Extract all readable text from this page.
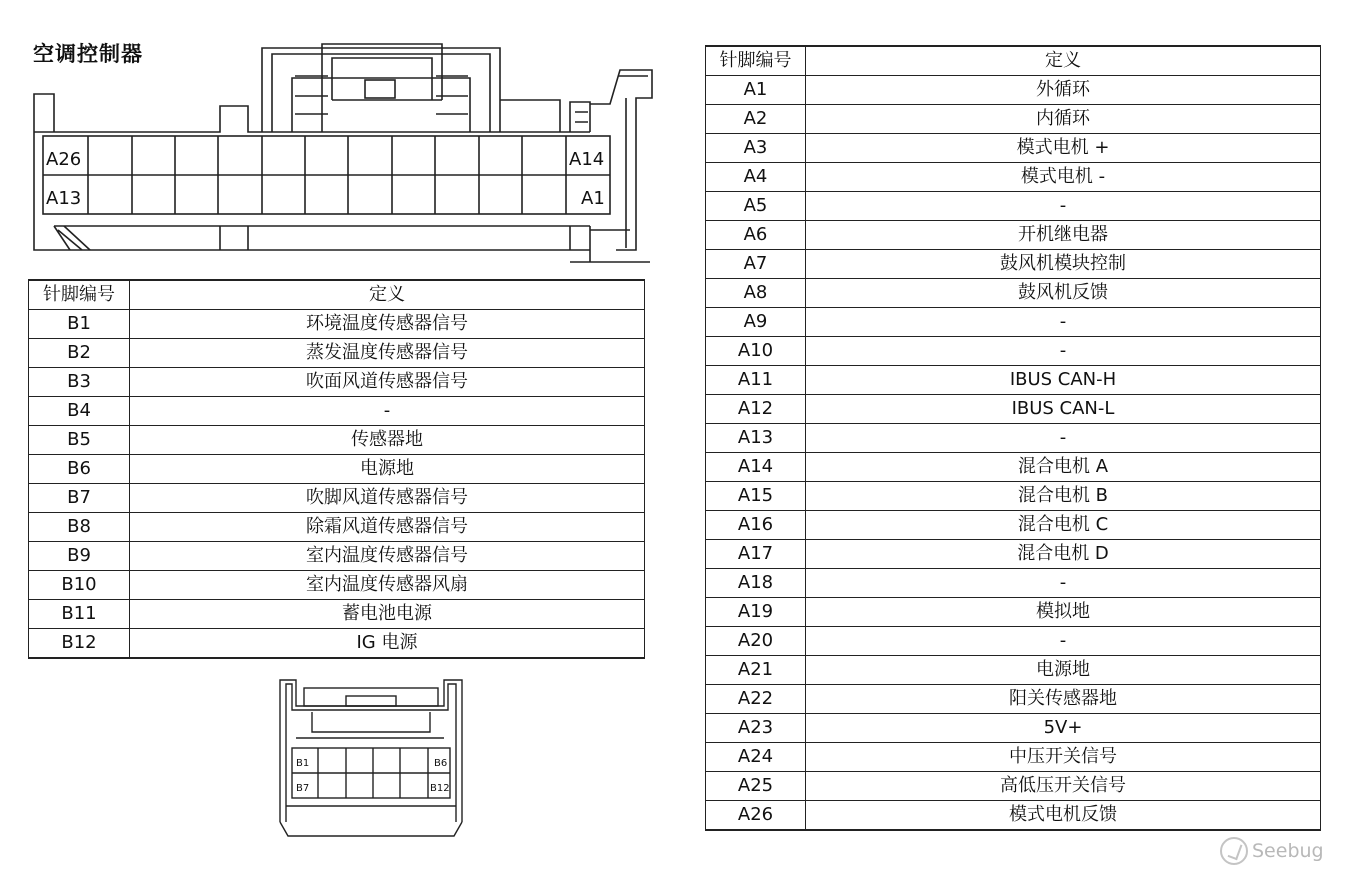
空调控制器
A26	A14
A13	A1
针脚编号	定义
B1	环境温度传感器信号
B2	蒸发温度传感器信号
B3	吹面风道传感器信号
B4	-
B5	传感器地
B6	电源地
B7	吹脚风道传感器信号
B8	除霜风道传感器信号
B9	室内温度传感器信号
B10	室内温度传感器风扇
B11	蓄电池电源
B12	IG 电源
B1	B6
B7	B12
针脚编号	定义
A1	外循环
A2	内循环
A3	模式电机 +
A4	模式电机 -
A5	-
A6	开机继电器
A7	鼓风机模块控制
A8	鼓风机反馈
A9	-
A10	-
A11	IBUS CAN-H
A12	IBUS CAN-L
A13	-
A14	混合电机 A
A15	混合电机 B
A16	混合电机 C
A17	混合电机 D
A18	-
A19	模拟地
A20	-
A21	电源地
A22	阳关传感器地
A23	5V+
A24	中压开关信号
A25	高低压开关信号
A26	模式电机反馈
Seebug
